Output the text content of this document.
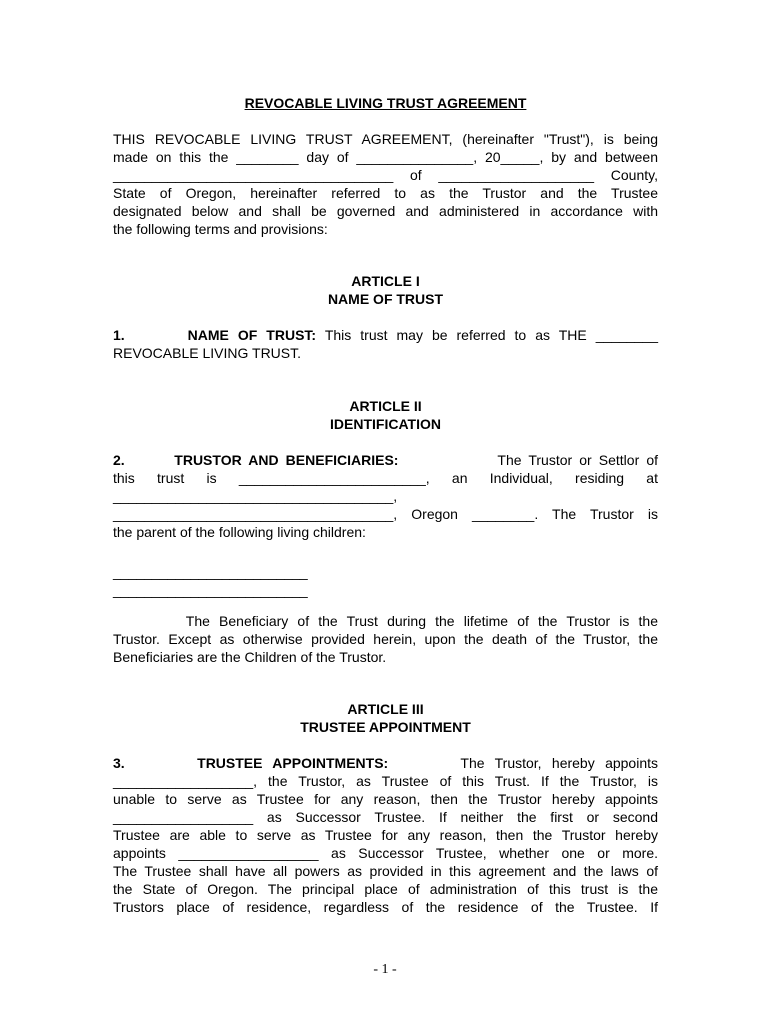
REVOCABLE LIVING TRUST AGREEMENT
THIS REVOCABLE LIVING TRUST AGREEMENT, (hereinafter "Trust"), is being
made on this the ________ day of _______________, 20_____, by and between
____________________________________ of ____________________ County,
State of Oregon, hereinafter referred to as the Trustor and the Trustee
designated below and shall be governed and administered in accordance with
the following terms and provisions:
ARTICLE I
NAME OF TRUST
1.	NAME OF TRUST: This trust may be referred to as THE ________
REVOCABLE LIVING TRUST.
ARTICLE II
IDENTIFICATION
2.	TRUSTOR AND BENEFICIARIES:	The Trustor or Settlor of
this trust is ________________________, an Individual, residing at
____________________________________,
____________________________________, Oregon ________. The Trustor is
the parent of the following living children:
_________________________
_________________________
The Beneficiary of the Trust during the lifetime of the Trustor is the
Trustor. Except as otherwise provided herein, upon the death of the Trustor, the
Beneficiaries are the Children of the Trustor.
ARTICLE III
TRUSTEE APPOINTMENT
3.	TRUSTEE APPOINTMENTS:	The Trustor, hereby appoints
__________________, the Trustor, as Trustee of this Trust. If the Trustor, is
unable to serve as Trustee for any reason, then the Trustor hereby appoints
__________________ as Successor Trustee. If neither the first or second
Trustee are able to serve as Trustee for any reason, then the Trustor hereby
appoints __________________ as Successor Trustee, whether one or more.
The Trustee shall have all powers as provided in this agreement and the laws of
the State of Oregon. The principal place of administration of this trust is the
Trustors place of residence, regardless of the residence of the Trustee. If
- 1 -
